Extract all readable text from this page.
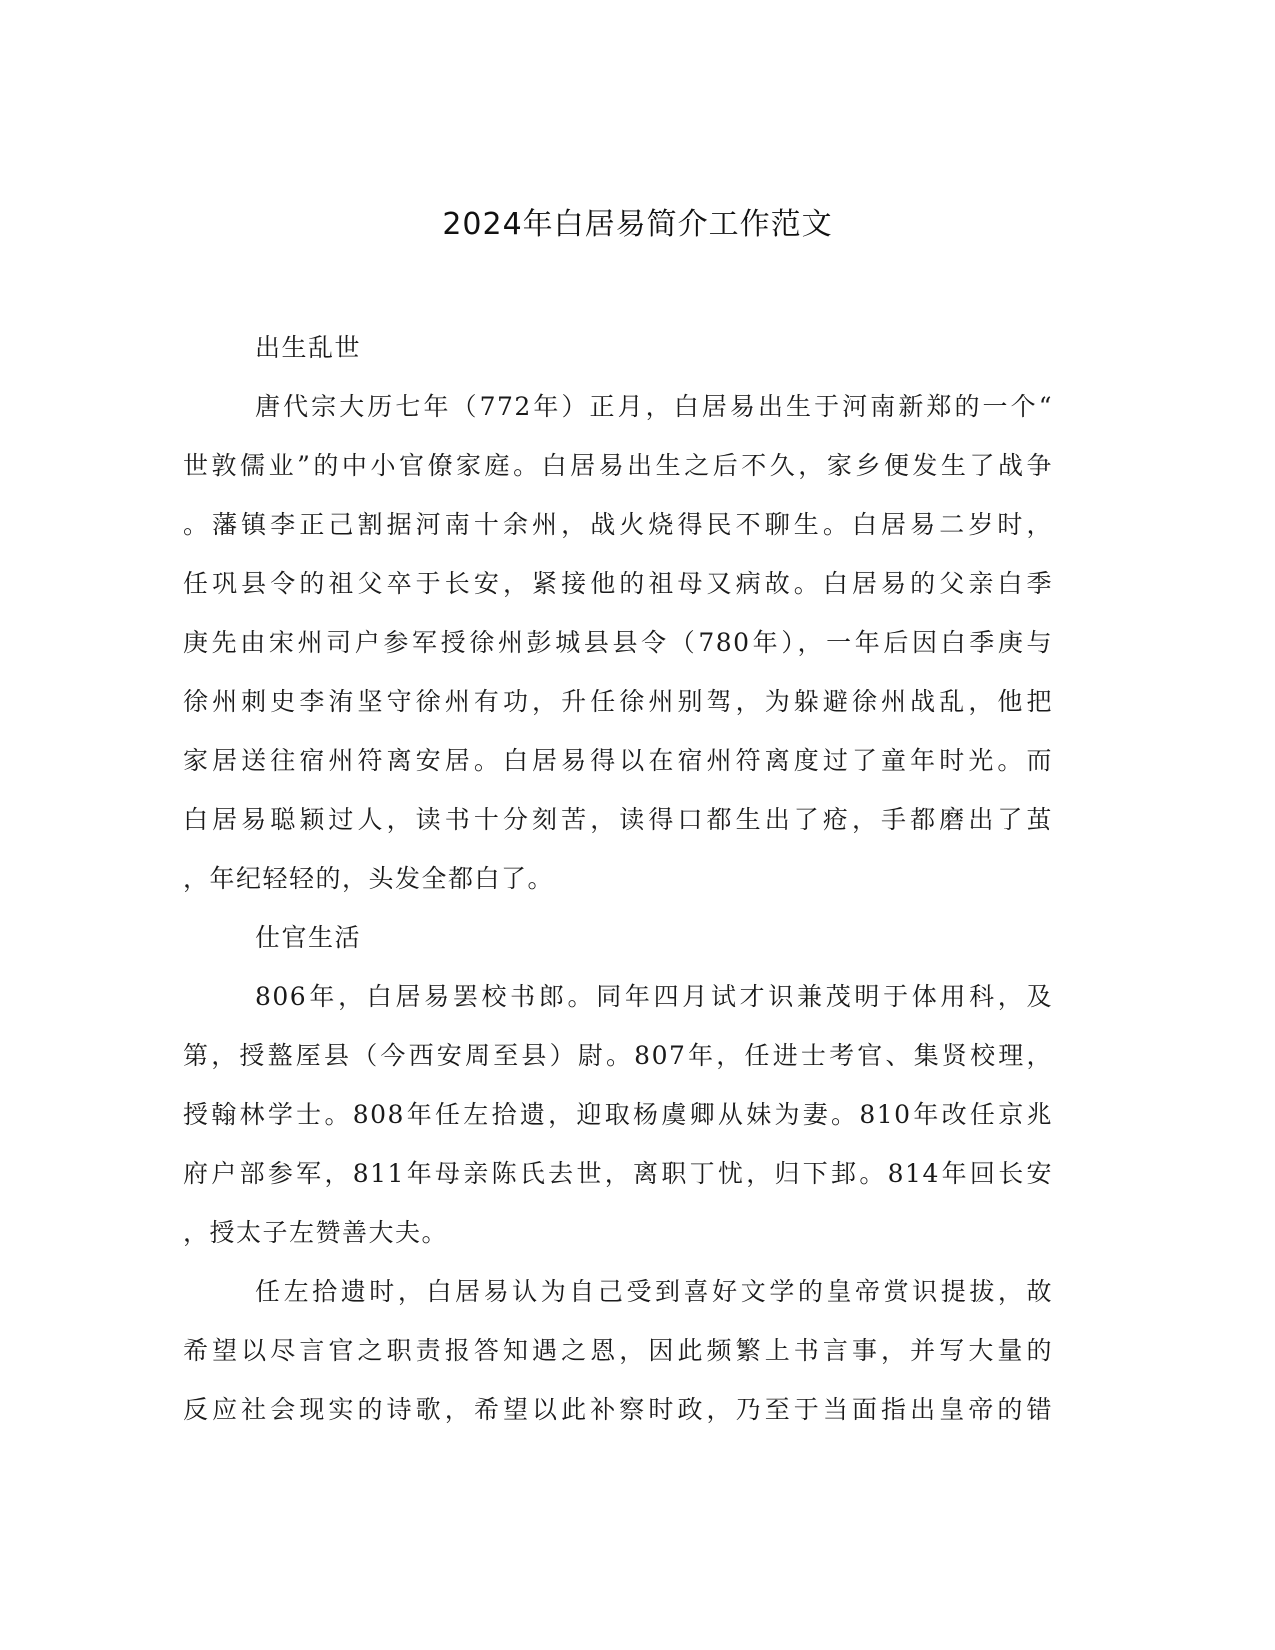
2024年白居易简介工作范文
出生乱世
唐代宗大历七年（772年）正月，白居易出生于河南新郑的一个“
世敦儒业”的中小官僚家庭。白居易出生之后不久，家乡便发生了战争
。藩镇李正己割据河南十余州，战火烧得民不聊生。白居易二岁时，
任巩县令的祖父卒于长安，紧接他的祖母又病故。白居易的父亲白季
庚先由宋州司户参军授徐州彭城县县令（780年），一年后因白季庚与
徐州刺史李洧坚守徐州有功，升任徐州别驾，为躲避徐州战乱，他把
家居送往宿州符离安居。白居易得以在宿州符离度过了童年时光。而
白居易聪颖过人，读书十分刻苦，读得口都生出了疮，手都磨出了茧
，年纪轻轻的，头发全都白了。
仕官生活
806年，白居易罢校书郎。同年四月试才识兼茂明于体用科，及
第，授盩厔县（今西安周至县）尉。807年，任进士考官、集贤校理，
授翰林学士。808年任左拾遗，迎取杨虞卿从妹为妻。810年改任京兆
府户部参军，811年母亲陈氏去世，离职丁忧，归下邽。814年回长安
，授太子左赞善大夫。
任左拾遗时，白居易认为自己受到喜好文学的皇帝赏识提拔，故
希望以尽言官之职责报答知遇之恩，因此频繁上书言事，并写大量的
反应社会现实的诗歌，希望以此补察时政，乃至于当面指出皇帝的错
